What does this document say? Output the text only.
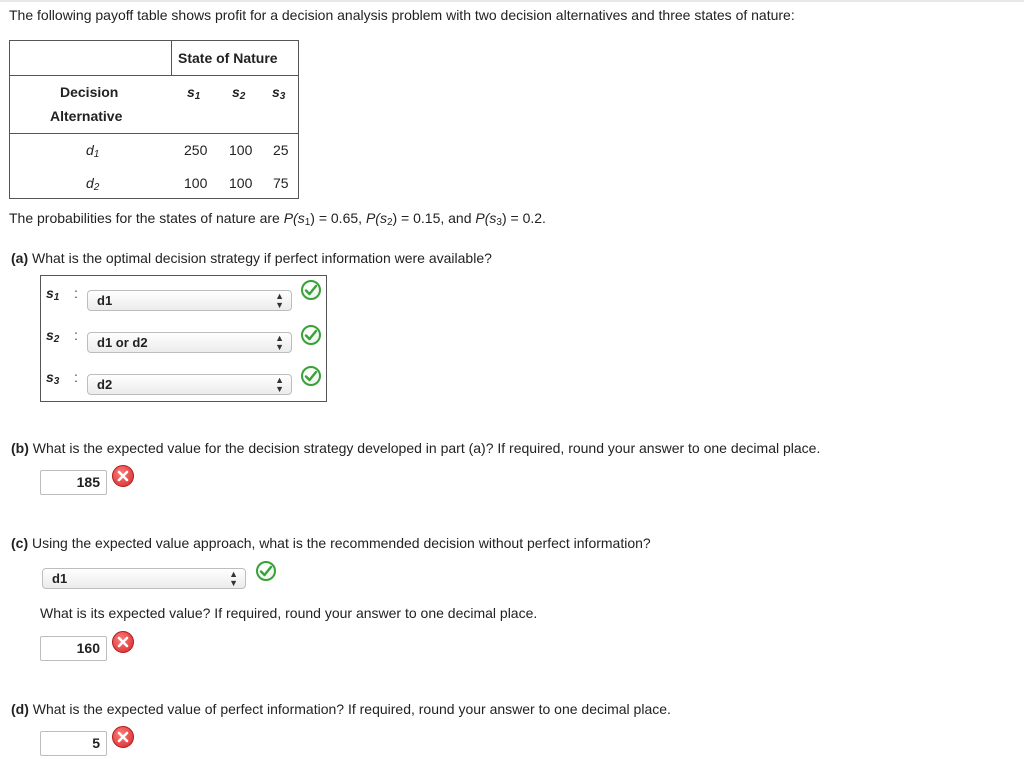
The following payoff table shows profit for a decision analysis problem with two decision alternatives and three states of nature:
State of Nature
Decision
Alternative
$s_1$ $s_2$ $s_3$
$d_1$	250 100 25
$d_2$	100 100 75
The probabilities for the states of nature are $P(s_1) = 0.65$, $P(s_2) = 0.15$, and $P(s_3) = 0.2$.
(a) What is the optimal decision strategy if perfect information were available?
$s_1$ :	d1	▲
▼
$s_2$ :	d1 or d2	▲
▼
$s_3$ :	d2	▲
▼
(b) What is the expected value for the decision strategy developed in part (a)? If required, round your answer to one decimal place.
185
(c) Using the expected value approach, what is the recommended decision without perfect information?
d1	▲
▼
What is its expected value? If required, round your answer to one decimal place.
160
(d) What is the expected value of perfect information? If required, round your answer to one decimal place.
5
